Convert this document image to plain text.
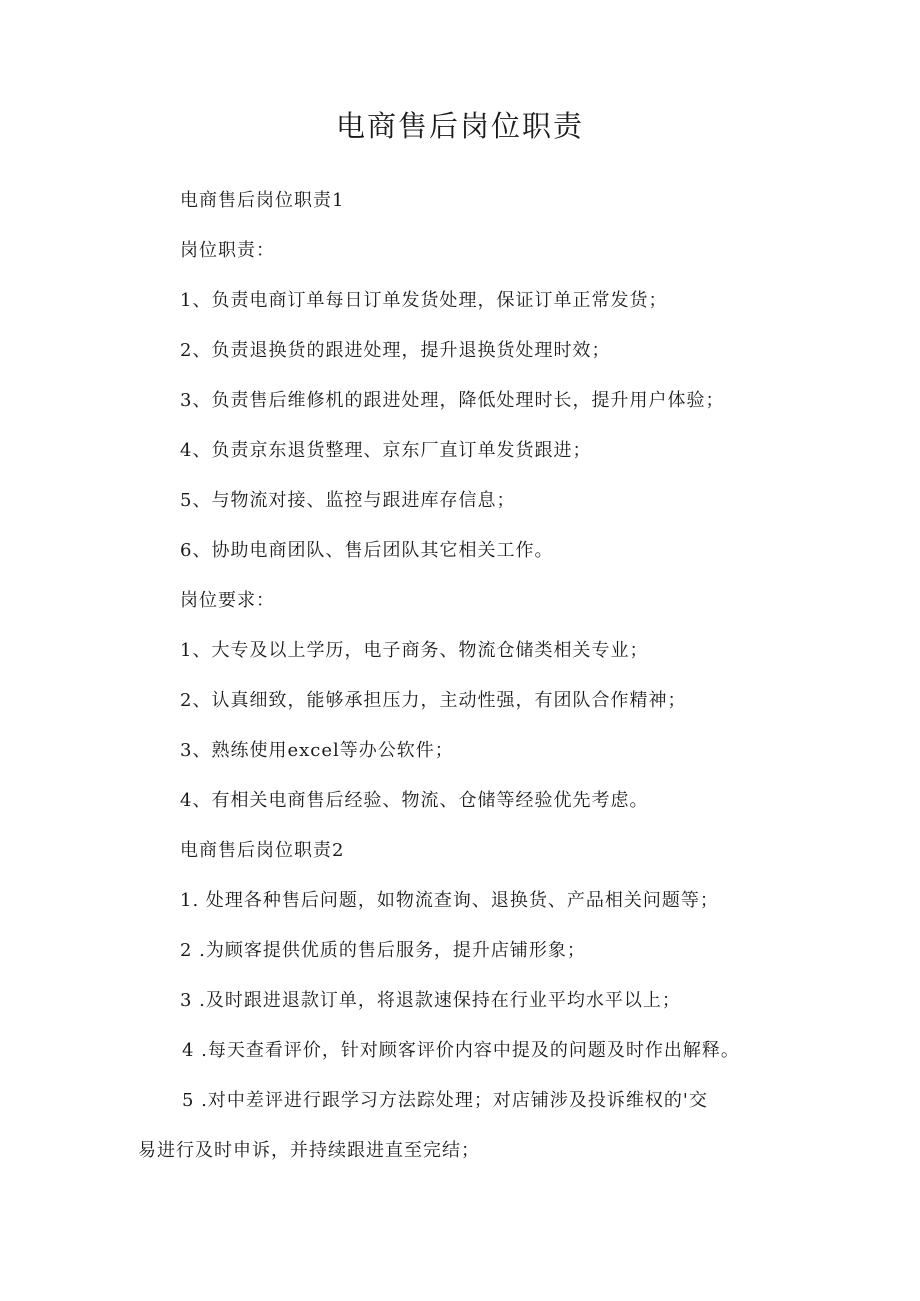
电商售后岗位职责
电商售后岗位职责1
岗位职责：
1、负责电商订单每日订单发货处理，保证订单正常发货；
2、负责退换货的跟进处理，提升退换货处理时效；
3、负责售后维修机的跟进处理，降低处理时长，提升用户体验；
4、负责京东退货整理、京东厂直订单发货跟进；
5、与物流对接、监控与跟进库存信息；
6、协助电商团队、售后团队其它相关工作。
岗位要求：
1、大专及以上学历，电子商务、物流仓储类相关专业；
2、认真细致，能够承担压力，主动性强，有团队合作精神；
3、熟练使用excel等办公软件；
4、有相关电商售后经验、物流、仓储等经验优先考虑。
电商售后岗位职责2
1. 处理各种售后问题，如物流查询、退换货、产品相关问题等；
2 .为顾客提供优质的售后服务，提升店铺形象；
3 .及时跟进退款订单，将退款速保持在行业平均水平以上；
4 .每天查看评价，针对顾客评价内容中提及的问题及时作出解释。
5 .对中差评进行跟学习方法踪处理；对店铺涉及投诉维权的'交
易进行及时申诉，并持续跟进直至完结；
